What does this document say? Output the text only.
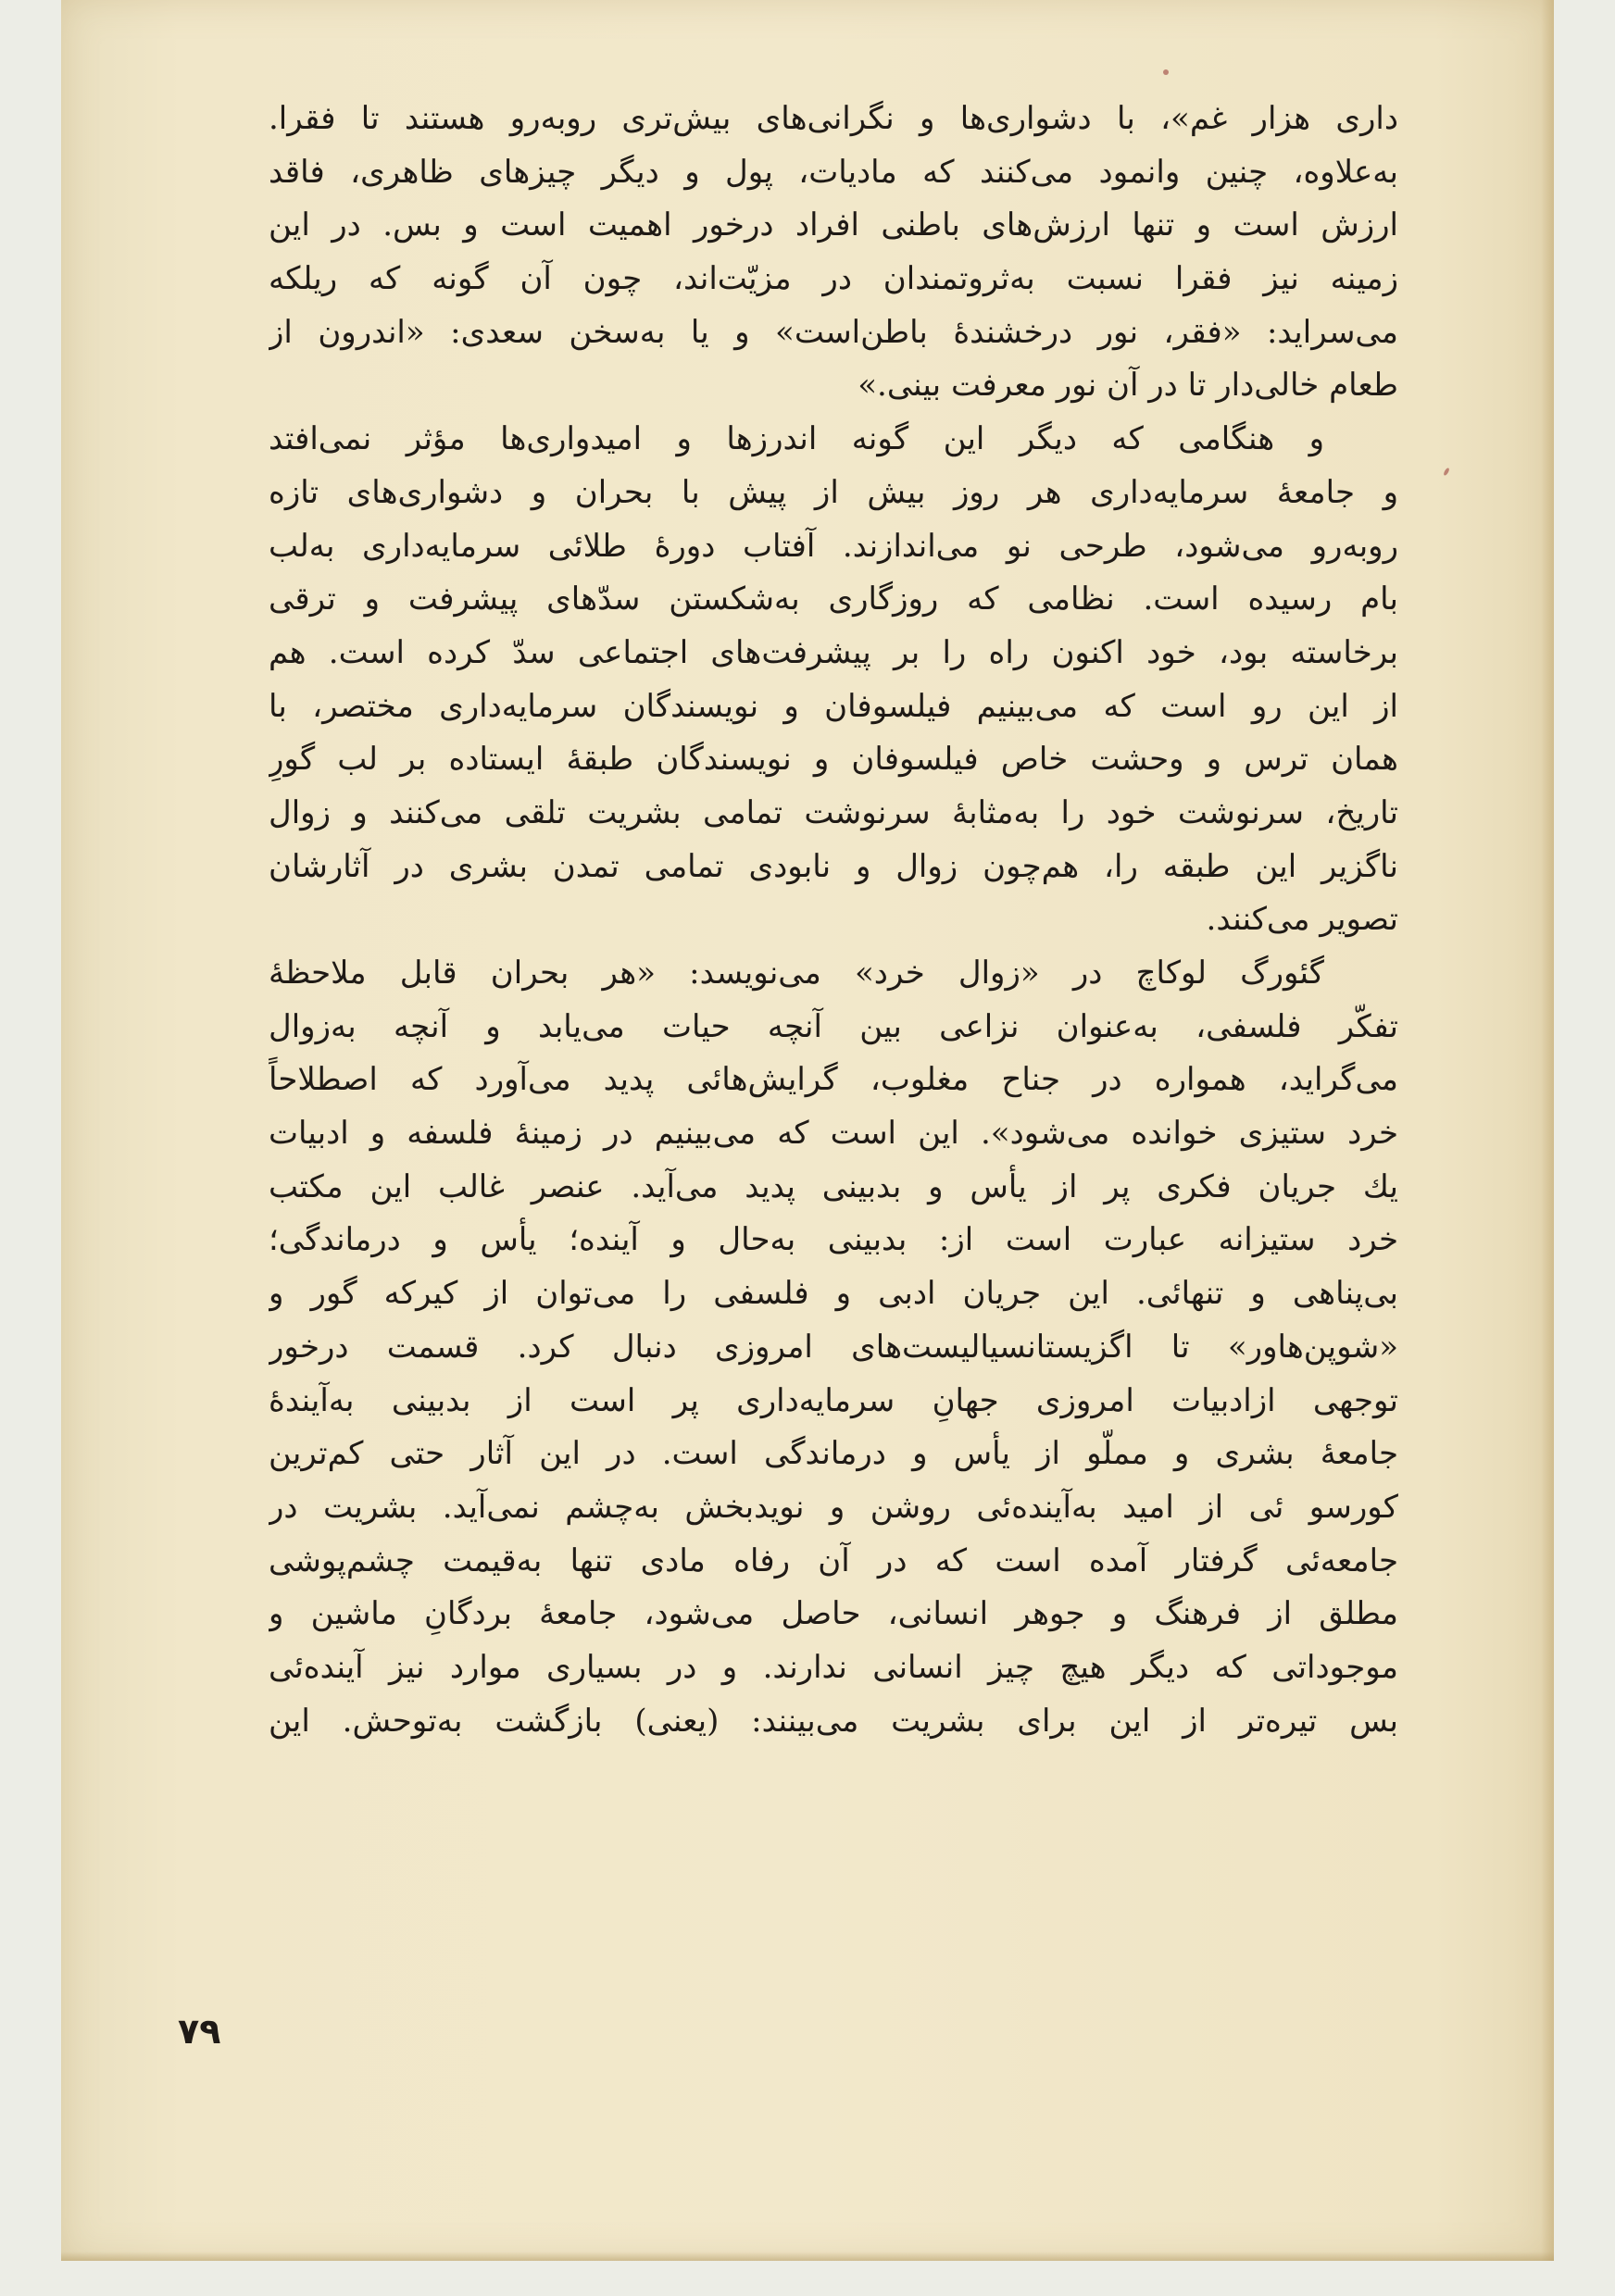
داری هزار غم»، با دشواری‌ها و نگرانی‌های بیش‌تری روبه‌رو هستند تا فقرا.
به‌علاوه، چنین وانمود می‌کنند که مادیات، پول و دیگر چیزهای ظاهری، فاقد
ارزش است و تنها ارزش‌های باطنی افراد درخور اهمیت است و بس. در این
زمینه نیز فقرا نسبت به‌ثروتمندان در مزیّت‌اند، چون آن گونه که ریلکه
می‌سراید: «فقر، نور درخشندهٔ باطن‌است» و یا به‌سخن سعدی: «اندرون از
طعام خالی‌دار تا در آن نور معرفت بینی.»
و هنگامی که دیگر این گونه اندرزها و امیدواری‌ها مؤثر نمی‌افتد
و جامعهٔ سرمایه‌داری هر روز بیش از پیش با بحران و دشواری‌های تازه
روبه‌رو می‌شود، طرحی نو می‌اندازند. آفتاب دورهٔ طلائی سرمایه‌داری به‌لب
بام رسیده است. نظامی که روزگاری به‌شکستن سدّهای پیشرفت و ترقی
برخاسته بود، خود اکنون راه را بر پیشرفت‌های اجتماعی سدّ کرده است. هم
از این رو است که می‌بینیم فیلسوفان و نویسندگان سرمایه‌داری مختصر، با
همان ترس و وحشت خاص فیلسوفان و نویسندگان طبقهٔ ایستاده بر لب گورِ
تاریخ، سرنوشت خود را به‌مثابهٔ سرنوشت تمامی بشریت تلقی می‌کنند و زوال
ناگزیر این طبقه را، هم‌چون زوال و نابودی تمامی تمدن بشری در آثارشان
تصویر می‌کنند.
گئورگ لوکاچ در «زوال خرد» می‌نویسد: «هر بحران قابل ملاحظهٔ
تفکّر فلسفی، به‌عنوان نزاعی بین آنچه حیات می‌یابد و آنچه به‌زوال
می‌گراید، همواره در جناح مغلوب، گرایش‌هائی پدید می‌آورد که اصطلاحاً
خرد ستیزی خوانده می‌شود». این است که می‌بینیم در زمینهٔ فلسفه و ادبیات
یك جریان فکری پر از یأس و بدبینی پدید می‌آید. عنصر غالب این مکتب
خرد ستیزانه عبارت است از: بدبینی به‌حال و آینده؛ یأس و درماندگی؛
بی‌پناهی و تنهائی. این جریان ادبی و فلسفی را می‌توان از کیرکه گور و
«شوپن‌هاور» تا اگزیستانسیالیست‌های امروزی دنبال کرد. قسمت درخور
توجهی ازادبیات امروزی جهانِ سرمایه‌داری پر است از بدبینی به‌آیندهٔ
جامعهٔ بشری و مملّو از یأس و درماندگی است. در این آثار حتی کم‌ترین
کورسو ئی از امید به‌آینده‌ئی روشن و نویدبخش به‌چشم نمی‌آید. بشریت در
جامعه‌ئی گرفتار آمده است که در آن رفاه مادی تنها به‌قیمت چشم‌پوشی
مطلق از فرهنگ و جوهر انسانی، حاصل می‌شود، جامعهٔ بردگانِ ماشین و
موجوداتی که دیگر هیچ چیز انسانی ندارند. و در بسیاری موارد نیز آینده‌ئی
بس تیره‌تر از این برای بشریت می‌بینند: (یعنی) بازگشت به‌توحش. این
۷۹
